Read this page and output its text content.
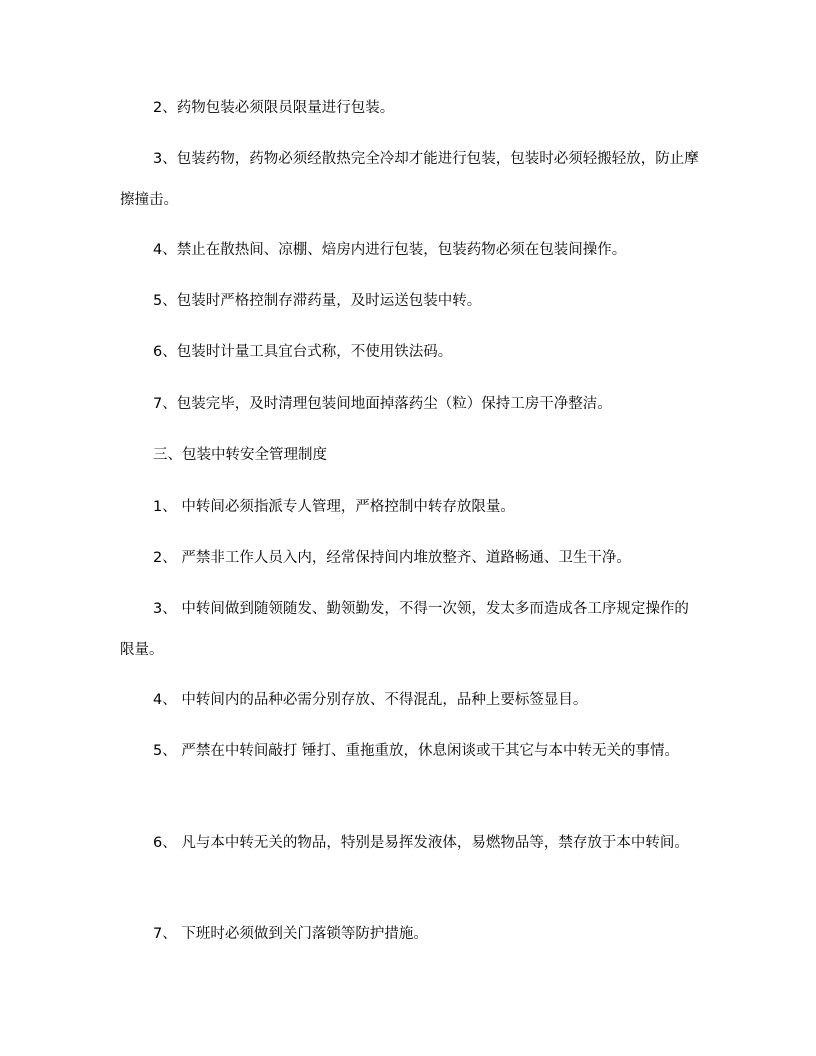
2、药物包装必须限员限量进行包装。

3、包装药物，药物必须经散热完全冷却才能进行包装，包装时必须轻搬轻放，防止摩擦撞击。

4、禁止在散热间、凉棚、焙房内进行包装，包装药物必须在包装间操作。

5、包装时严格控制存滞药量，及时运送包装中转。

6、包装时计量工具宜台式称，不使用铁法码。

7、包装完毕，及时清理包装间地面掉落药尘（粒）保持工房干净整洁。

三、包装中转安全管理制度

1、 中转间必须指派专人管理，严格控制中转存放限量。

2、 严禁非工作人员入内，经常保持间内堆放整齐、道路畅通、卫生干净。

3、 中转间做到随领随发、勤领勤发，不得一次领，发太多而造成各工序规定操作的限量。

4、 中转间内的品种必需分别存放、不得混乱，品种上要标签显目。

5、 严禁在中转间敲打 锤打、重拖重放，休息闲谈或干其它与本中转无关的事情。

6、 凡与本中转无关的物品，特别是易挥发液体，易燃物品等，禁存放于本中转间。

7、 下班时必须做到关门落锁等防护措施。
